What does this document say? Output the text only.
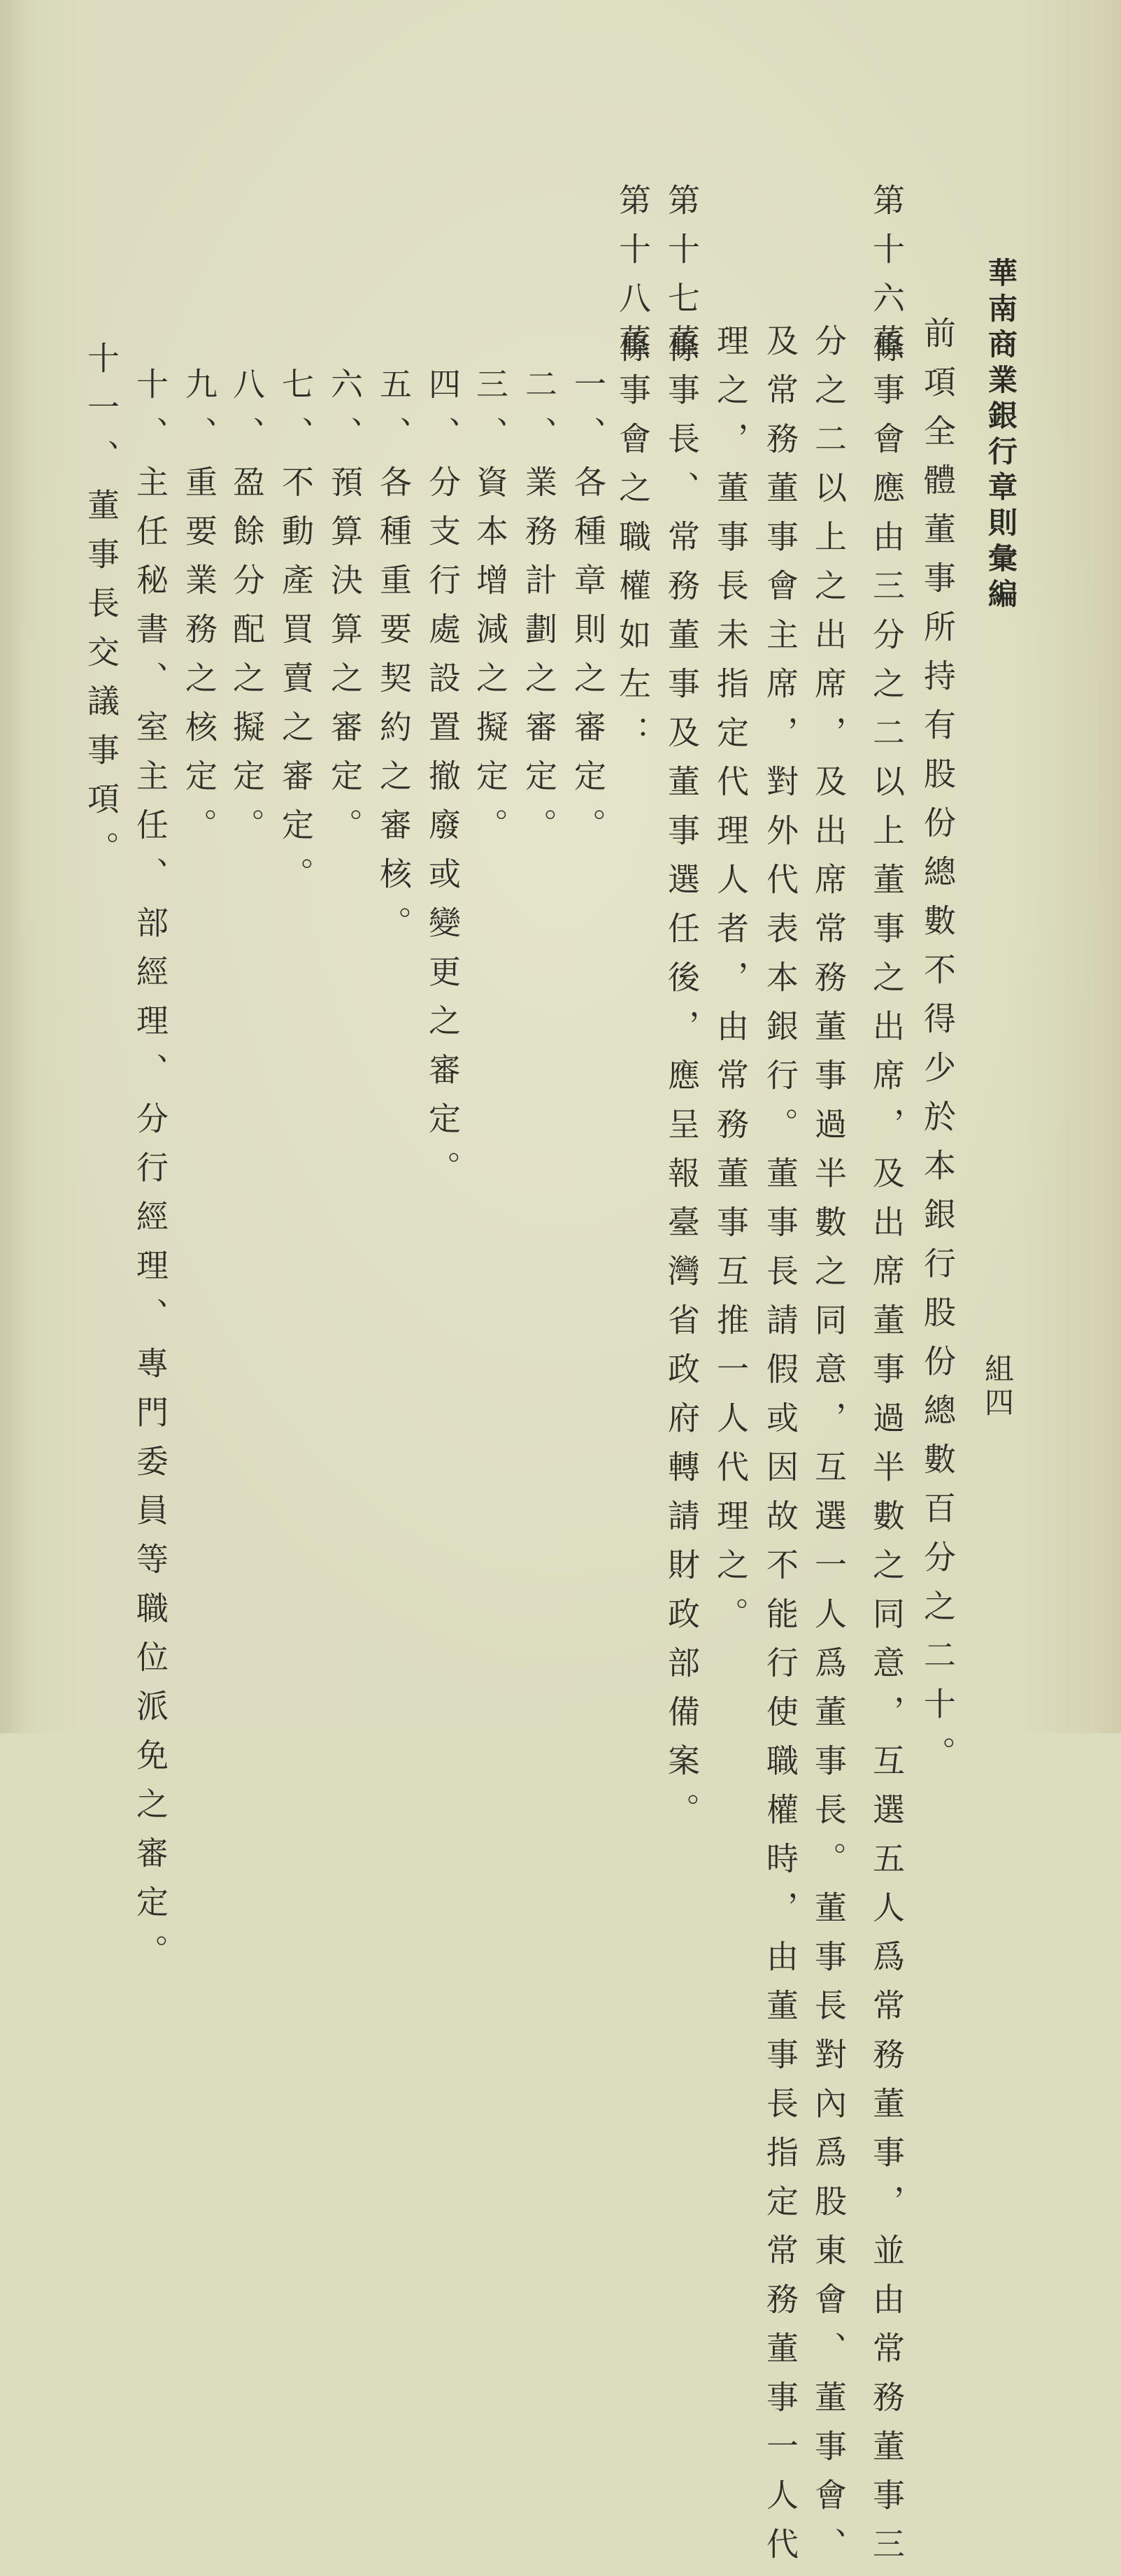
華南商業銀行章則彙編
組四
前項全體董事所持有股份總數不得少於本銀行股份總數百分之二十。
第十六條
董事會應由三分之二以上董事之出席，及出席董事過半數之同意，互選五人爲常務董事，並由常務董事三
分之二以上之出席，及出席常務董事過半數之同意，互選一人爲董事長。董事長對內爲股東會、董事會、
及常務董事會主席，對外代表本銀行。董事長請假或因故不能行使職權時，由董事長指定常務董事一人代
理之，董事長未指定代理人者，由常務董事互推一人代理之。
第十七條
董事長、常務董事及董事選任後，應呈報臺灣省政府轉請財政部備案。
第十八條
董事會之職權如左：
一、各種章則之審定。
二、業務計劃之審定。
三、資本增減之擬定。
四、分支行處設置撤廢或變更之審定。
五、各種重要契約之審核。
六、預算決算之審定。
七、不動產買賣之審定。
八、盈餘分配之擬定。
九、重要業務之核定。
十、主任秘書、室主任、部經理、分行經理、專門委員等職位派免之審定。
十一、董事長交議事項。
